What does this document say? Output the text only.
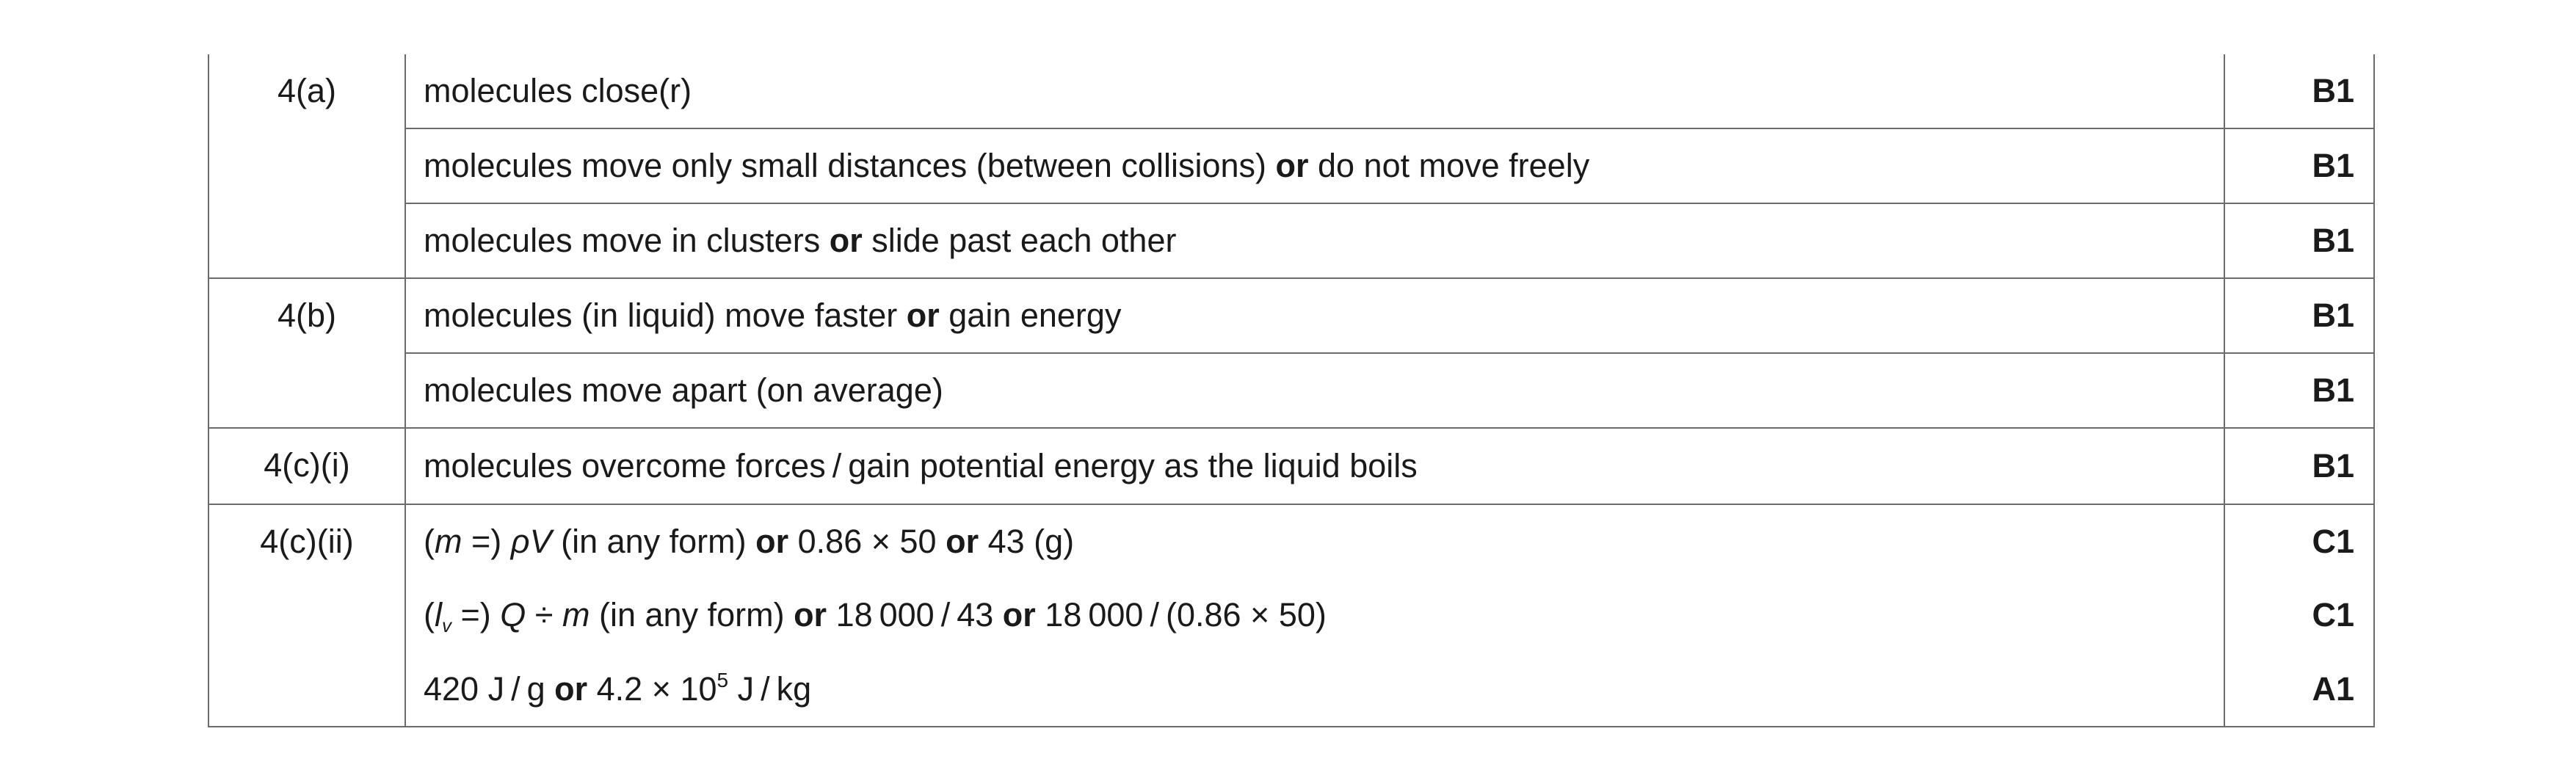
4(a)	molecules close(r)	B1
	molecules move only small distances (between collisions) or do not move freely	B1
	molecules move in clusters or slide past each other	B1

4(b)	molecules (in liquid) move faster or gain energy	B1
	molecules move apart (on average)	B1

4(c)(i)	molecules overcome forces / gain potential energy as the liquid boils	B1

4(c)(ii)	(m =) ρV (in any form) or 0.86 × 50 or 43 (g)	C1
	($l_v$ =) Q ÷ m (in any form) or 18 000 / 43 or 18 000 / (0.86 × 50)	C1
	420 J / g or $4.2 \times 10^5$ J / kg	A1
